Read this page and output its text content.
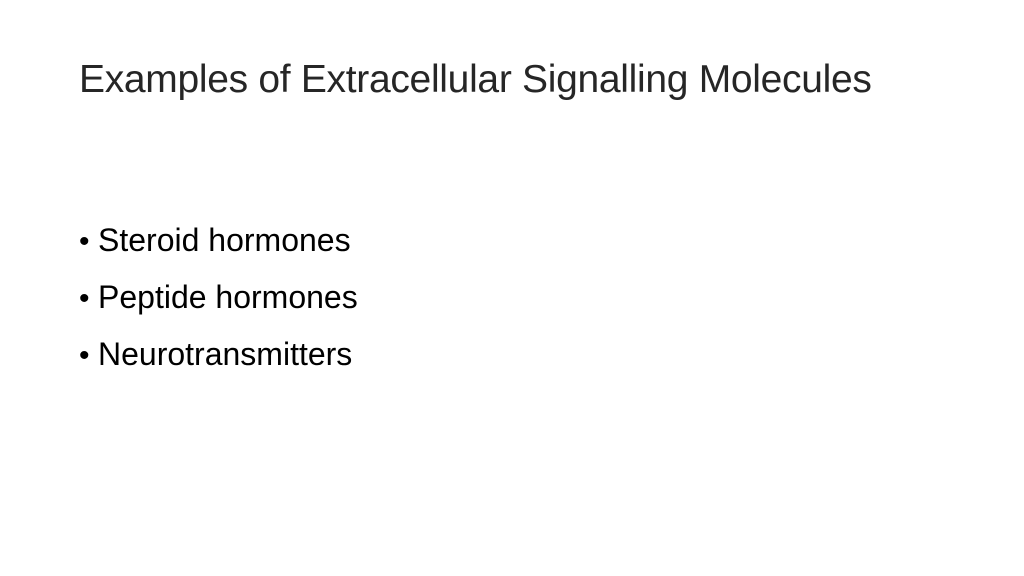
Examples of Extracellular Signalling Molecules
• Steroid hormones
• Peptide hormones
• Neurotransmitters
